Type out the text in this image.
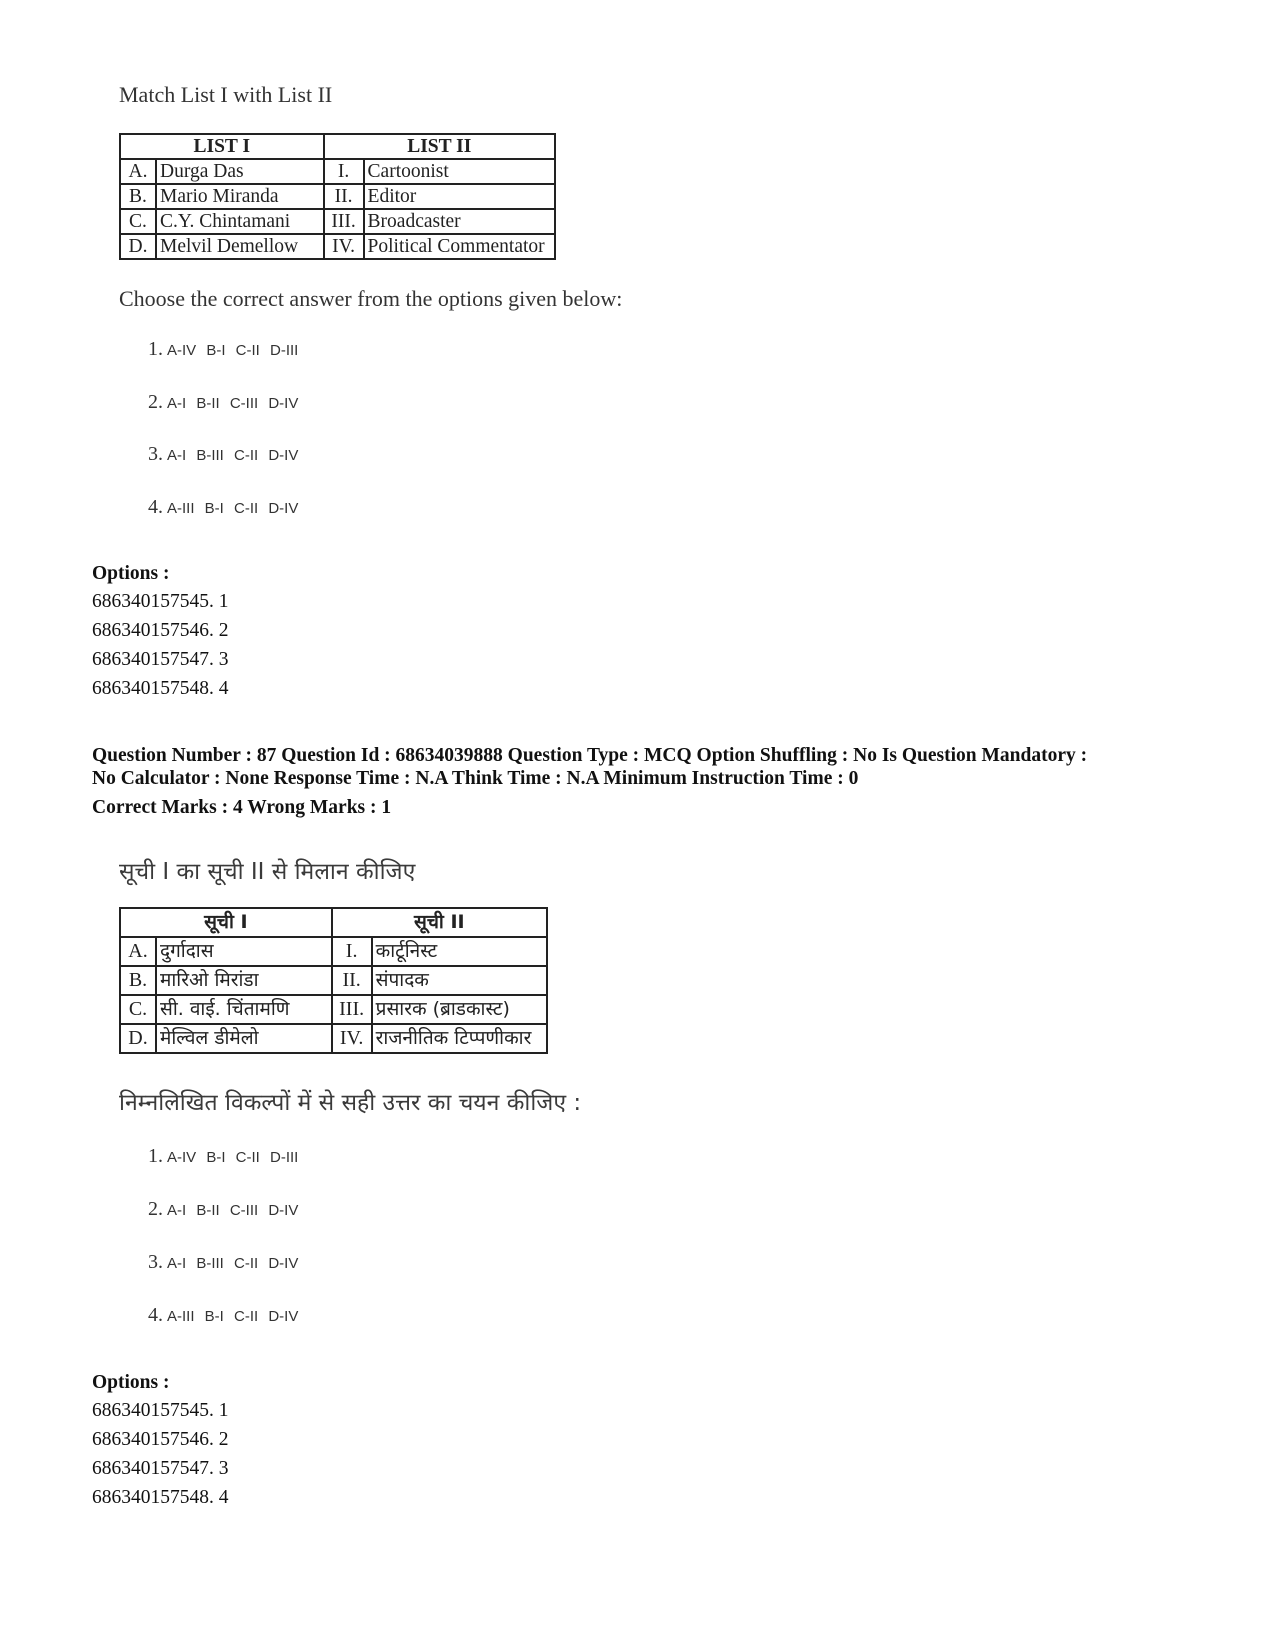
Match List I with List II
LIST I		LIST II	
A.	Durga Das	I.	Cartoonist
B.	Mario Miranda	II.	Editor
C.	C.Y. Chintamani	III.	Broadcaster
D.	Melvil Demellow	IV.	Political Commentator
Choose the correct answer from the options given below:
1. A-IV B-I C-II D-III
2. A-I B-II C-III D-IV
3. A-I B-III C-II D-IV
4. A-III B-I C-II D-IV
Options :
686340157545. 1
686340157546. 2
686340157547. 3
686340157548. 4
Question Number : 87 Question Id : 68634039888 Question Type : MCQ Option Shuffling : No Is Question Mandatory :
No Calculator : None Response Time : N.A Think Time : N.A Minimum Instruction Time : 0
Correct Marks : 4 Wrong Marks : 1
सूची I का सूची II से मिलान कीजिए
सूची I		सूची II	
A.	दुर्गादास	I.	कार्टूनिस्ट
B.	मारिओ मिरांडा	II.	संपादक
C.	सी. वाई. चिंतामणि	III.	प्रसारक (ब्राडकास्ट)
D.	मेल्विल डीमेलो	IV.	राजनीतिक टिप्पणीकार
निम्नलिखित विकल्पों में से सही उत्तर का चयन कीजिए :
1. A-IV B-I C-II D-III
2. A-I B-II C-III D-IV
3. A-I B-III C-II D-IV
4. A-III B-I C-II D-IV
Options :
686340157545. 1
686340157546. 2
686340157547. 3
686340157548. 4
